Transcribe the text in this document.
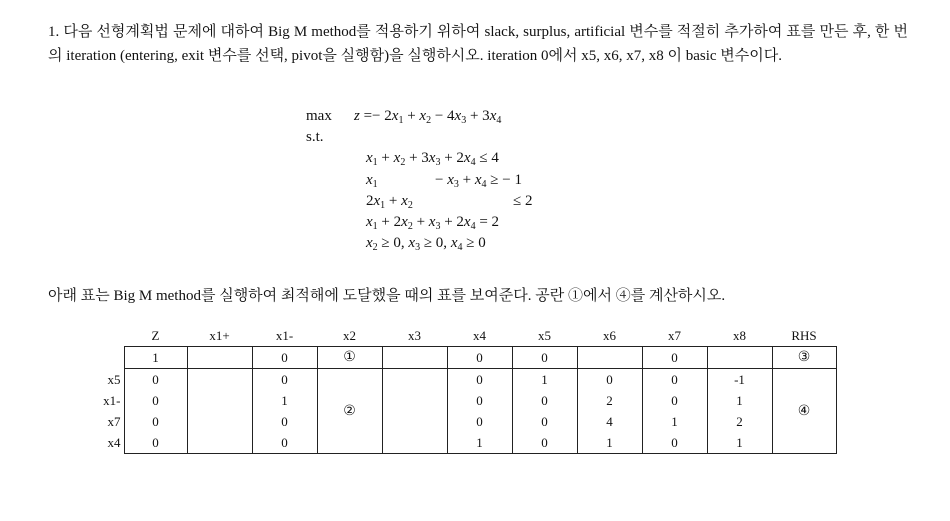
1. 다음 선형계획법 문제에 대하여 Big M method를 적용하기 위하여 slack, surplus, artificial 변수를 적절히 추가하여 표를 만든 후, 한 번의 iteration (entering, exit 변수를 선택, pivot을 실행함)을 실행하시오. iteration 0에서 x5, x6, x7, x8 이 basic 변수이다.

$\max z =- 2x_1 + x_2 - 4x_3 + 3x_4$
s.t.
$x_1 + x_2 + 3x_3 + 2x_4 \le 4$
$x_1$	− $x_3 + x_4$ ≥ − 1
$2x_1 + x_2$	≤ 2
$x_1 + 2x_2 + x_3 + 2x_4 = 2$
$x_2 \ge 0$, $x_3 \ge 0$, $x_4 \ge 0$

아래 표는 Big M method를 실행하여 최적해에 도달했을 때의 표를 보여준다. 공란 ①에서 ④를 계산하시오.

	Z	x1+	x1-	x2	x3	x4	x5	x6	x7	x8	RHS
	1		0	①		0	0		0		③
x5	0		0	②		0	1	0	0	-1	④
x1-	0		1			0	0	2	0	1	
x7	0		0			0	0	4	1	2	
x4	0		0			1	0	1	0	1	
